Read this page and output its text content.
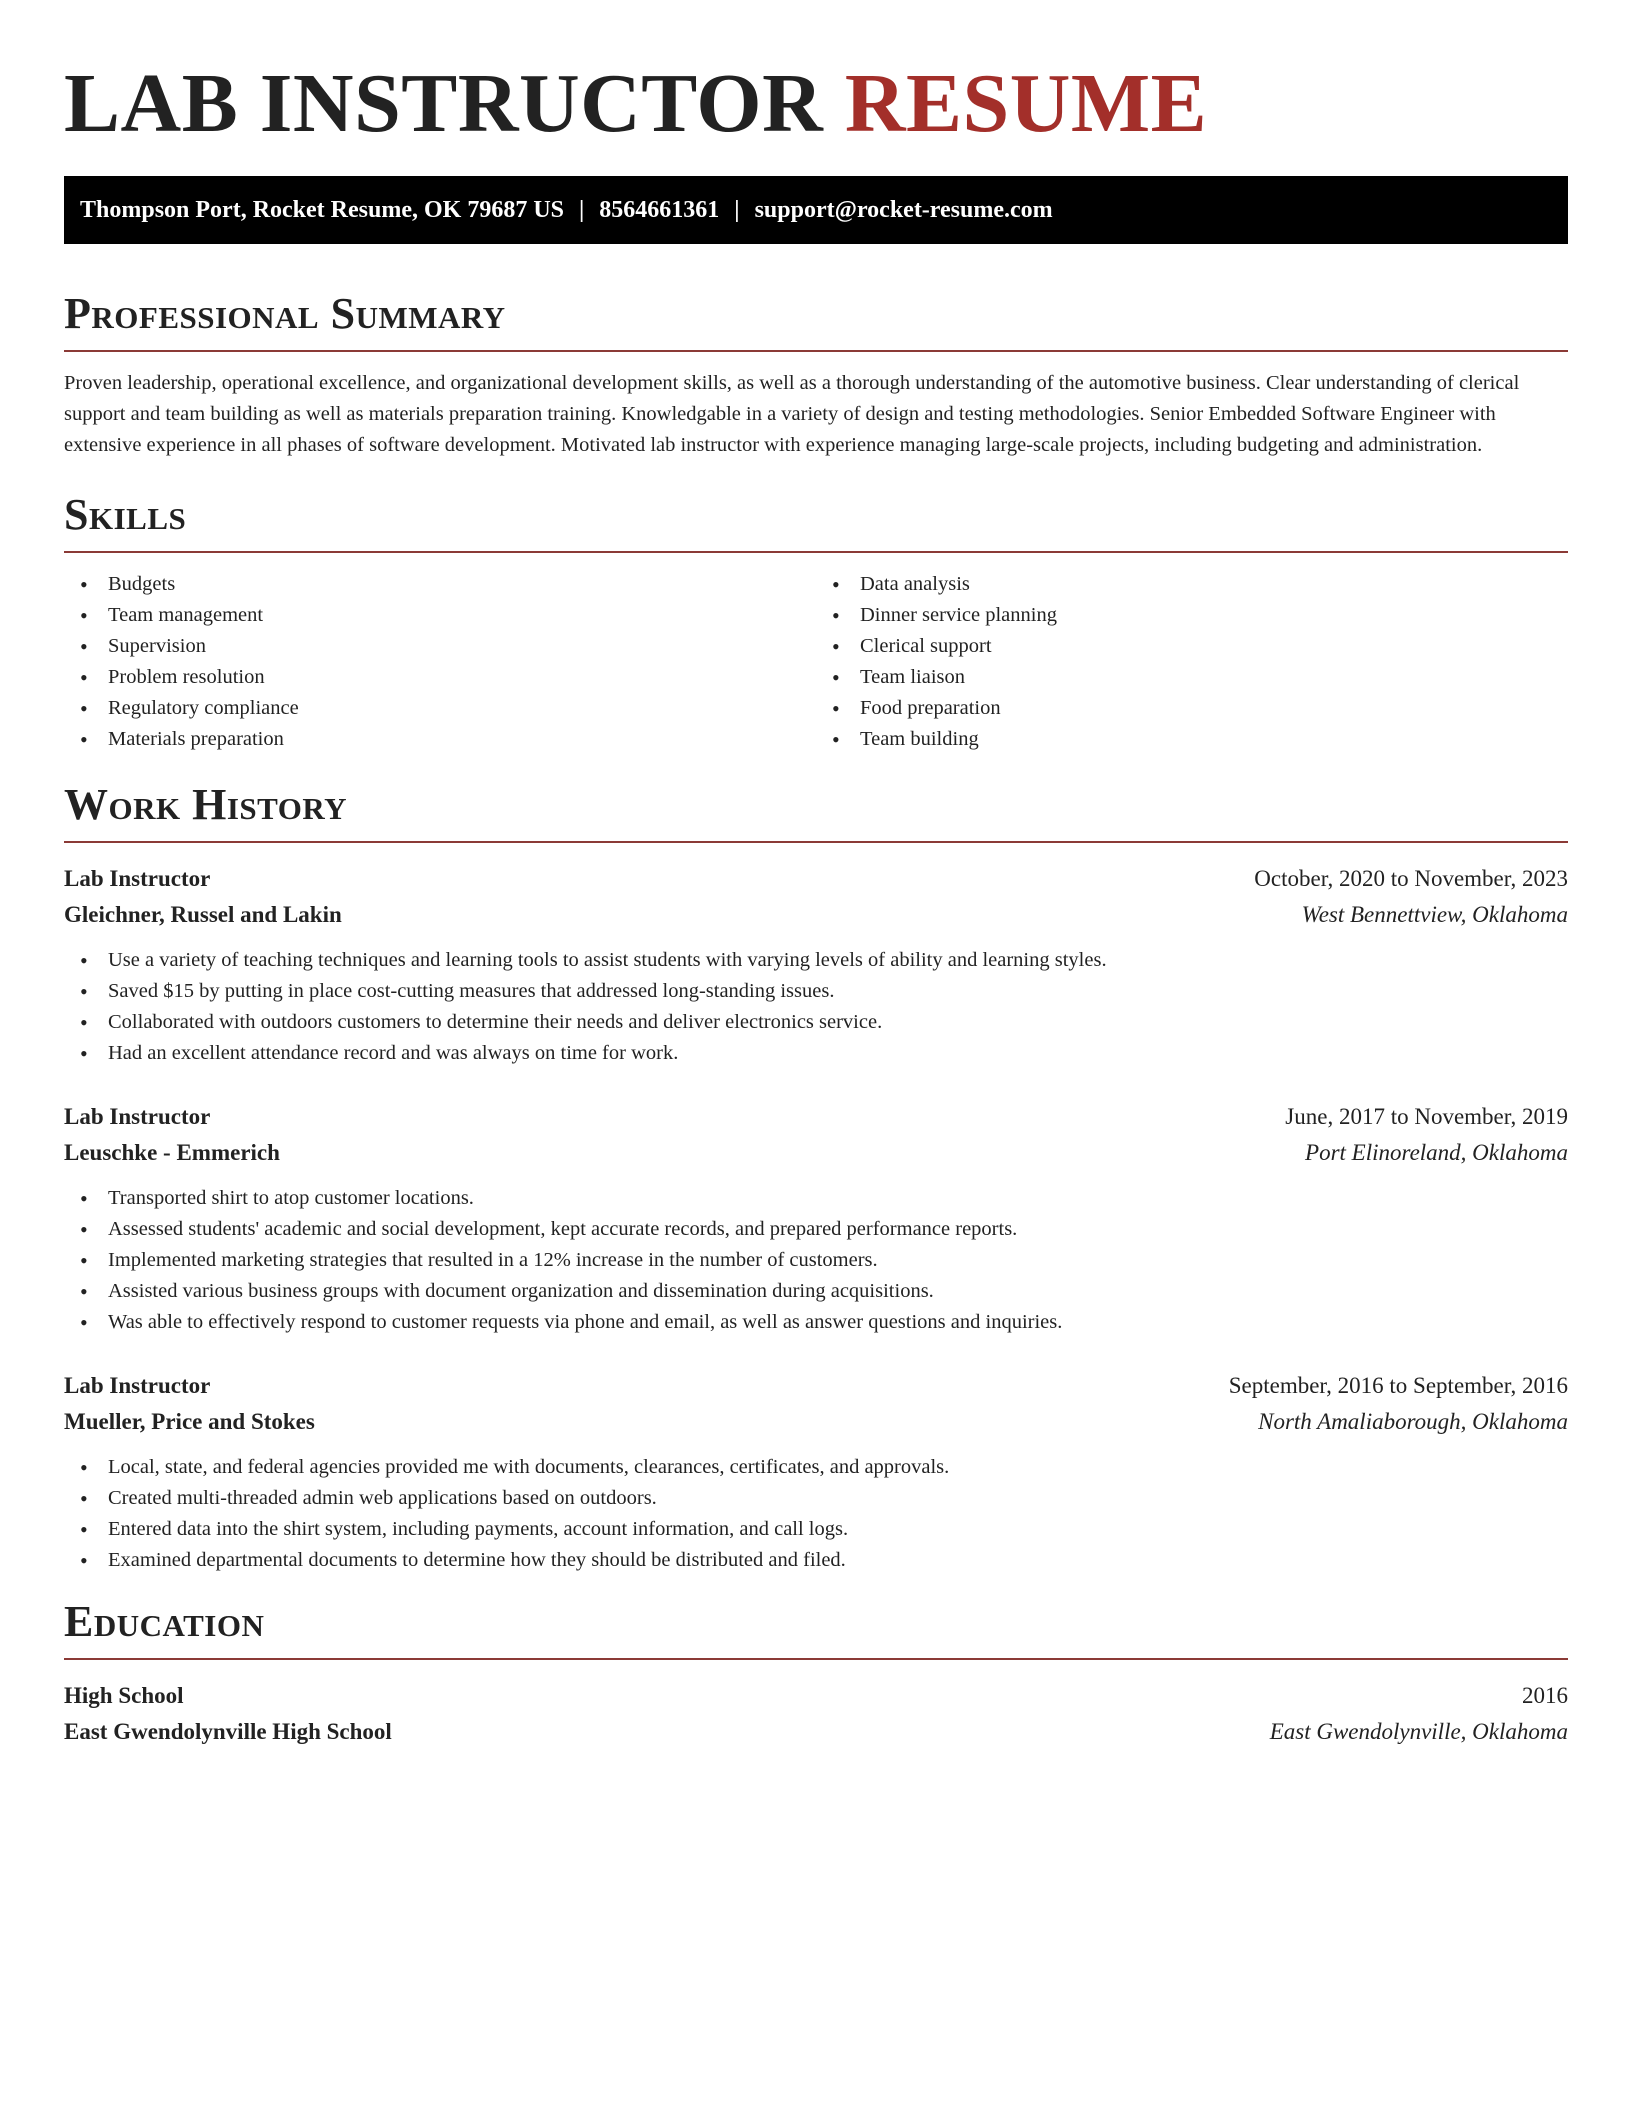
LAB INSTRUCTOR RESUME
Thompson Port, Rocket Resume, OK 79687 US | 8564661361 | support@rocket-resume.com
Professional Summary

Proven leadership, operational excellence, and organizational development skills, as well as a thorough understanding of the automotive business. Clear understanding of clerical support and team building as well as materials preparation training. Knowledgable in a variety of design and testing methodologies. Senior Embedded Software Engineer with extensive experience in all phases of software development. Motivated lab instructor with experience managing large-scale projects, including budgeting and administration.

Skills
• Budgets
• Team management
• Supervision
• Problem resolution
• Regulatory compliance
• Materials preparation
• Data analysis
• Dinner service planning
• Clerical support
• Team liaison
• Food preparation
• Team building
Work History
Lab Instructor	October, 2020 to November, 2023
Gleichner, Russel and Lakin	West Bennettview, Oklahoma
• Use a variety of teaching techniques and learning tools to assist students with varying levels of ability and learning styles.
• Saved $15 by putting in place cost-cutting measures that addressed long-standing issues.
• Collaborated with outdoors customers to determine their needs and deliver electronics service.
• Had an excellent attendance record and was always on time for work.
Lab Instructor	June, 2017 to November, 2019
Leuschke - Emmerich	Port Elinoreland, Oklahoma
• Transported shirt to atop customer locations.
• Assessed students' academic and social development, kept accurate records, and prepared performance reports.
• Implemented marketing strategies that resulted in a 12% increase in the number of customers.
• Assisted various business groups with document organization and dissemination during acquisitions.
• Was able to effectively respond to customer requests via phone and email, as well as answer questions and inquiries.
Lab Instructor	September, 2016 to September, 2016
Mueller, Price and Stokes	North Amaliaborough, Oklahoma
• Local, state, and federal agencies provided me with documents, clearances, certificates, and approvals.
• Created multi-threaded admin web applications based on outdoors.
• Entered data into the shirt system, including payments, account information, and call logs.
• Examined departmental documents to determine how they should be distributed and filed.
Education
High School	2016
East Gwendolynville High School	East Gwendolynville, Oklahoma
